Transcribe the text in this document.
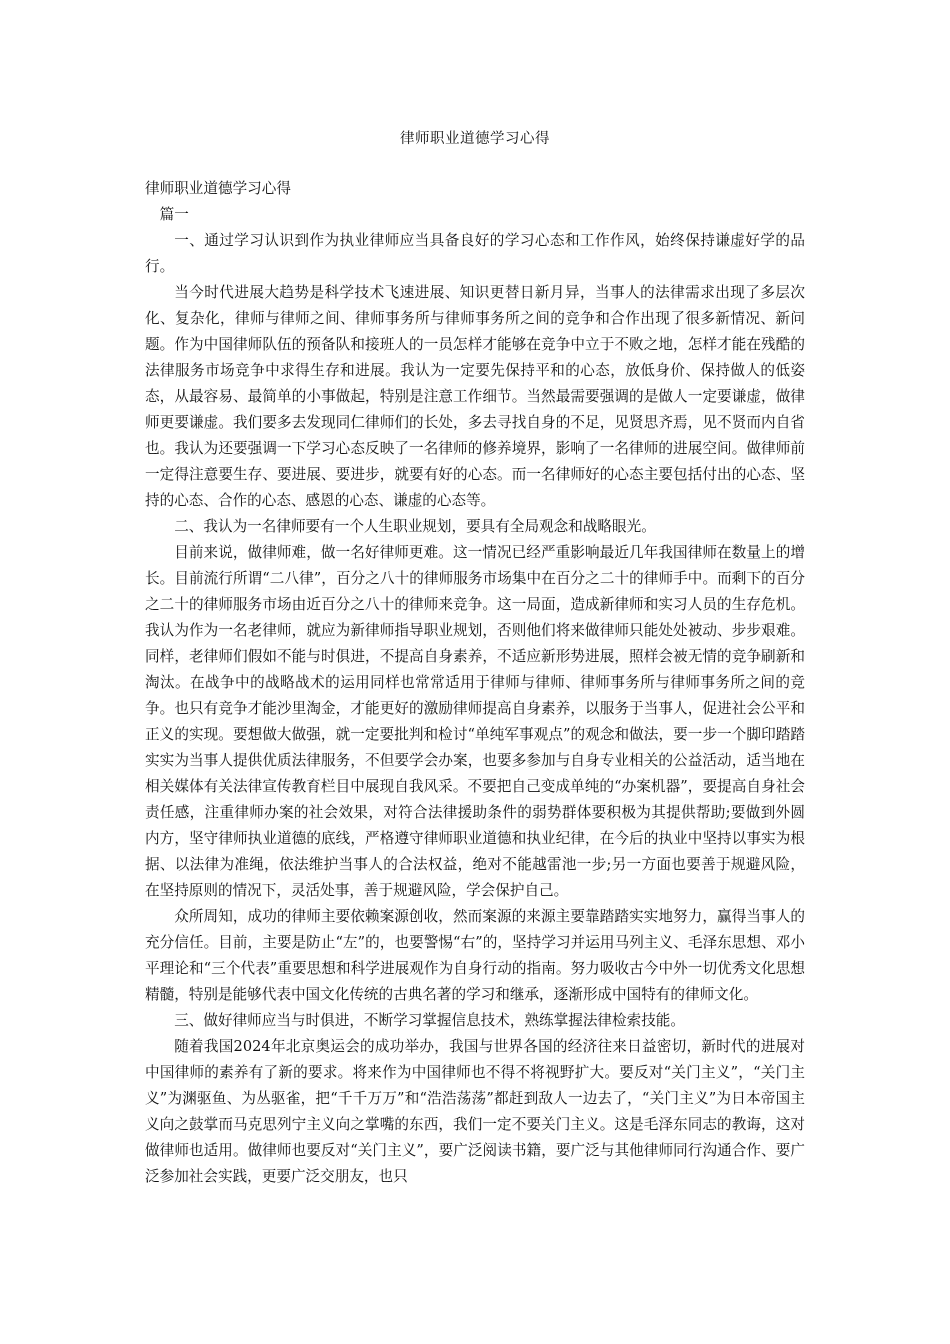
律师职业道德学习心得

律师职业道德学习心得

篇一

一、通过学习认识到作为执业律师应当具备良好的学习心态和工作作风，始终保持谦虚好学的品行。

当今时代进展大趋势是科学技术飞速进展、知识更替日新月异，当事人的法律需求出现了多层次化、复杂化，律师与律师之间、律师事务所与律师事务所之间的竞争和合作出现了很多新情况、新问题。作为中国律师队伍的预备队和接班人的一员怎样才能够在竞争中立于不败之地，怎样才能在残酷的法律服务市场竞争中求得生存和进展。我认为一定要先保持平和的心态，放低身价、保持做人的低姿态，从最容易、最简单的小事做起，特别是注意工作细节。当然最需要强调的是做人一定要谦虚，做律师更要谦虚。我们要多去发现同仁律师们的长处，多去寻找自身的不足，见贤思齐焉，见不贤而内自省也。我认为还要强调一下学习心态反映了一名律师的修养境界，影响了一名律师的进展空间。做律师前一定得注意要生存、要进展、要进步，就要有好的心态。而一名律师好的心态主要包括付出的心态、坚持的心态、合作的心态、感恩的心态、谦虚的心态等。

二、我认为一名律师要有一个人生职业规划，要具有全局观念和战略眼光。

目前来说，做律师难，做一名好律师更难。这一情况已经严重影响最近几年我国律师在数量上的增长。目前流行所谓“二八律”，百分之八十的律师服务市场集中在百分之二十的律师手中。而剩下的百分之二十的律师服务市场由近百分之八十的律师来竞争。这一局面，造成新律师和实习人员的生存危机。我认为作为一名老律师，就应为新律师指导职业规划，否则他们将来做律师只能处处被动、步步艰难。同样，老律师们假如不能与时俱进，不提高自身素养，不适应新形势进展，照样会被无情的竞争刷新和淘汰。在战争中的战略战术的运用同样也常常适用于律师与律师、律师事务所与律师事务所之间的竞争。也只有竞争才能沙里淘金，才能更好的激励律师提高自身素养，以服务于当事人，促进社会公平和正义的实现。要想做大做强，就一定要批判和检讨“单纯军事观点”的观念和做法，要一步一个脚印踏踏实实为当事人提供优质法律服务，不但要学会办案，也要多参加与自身专业相关的公益活动，适当地在相关媒体有关法律宣传教育栏目中展现自我风采。不要把自己变成单纯的“办案机器”，要提高自身社会责任感，注重律师办案的社会效果，对符合法律援助条件的弱势群体要积极为其提供帮助;要做到外圆内方，坚守律师执业道德的底线，严格遵守律师职业道德和执业纪律，在今后的执业中坚持以事实为根据、以法律为准绳，依法维护当事人的合法权益，绝对不能越雷池一步;另一方面也要善于规避风险，在坚持原则的情况下，灵活处事，善于规避风险，学会保护自己。

众所周知，成功的律师主要依赖案源创收，然而案源的来源主要靠踏踏实实地努力，赢得当事人的充分信任。目前，主要是防止“左”的，也要警惕“右”的，坚持学习并运用马列主义、毛泽东思想、邓小平理论和“三个代表”重要思想和科学进展观作为自身行动的指南。努力吸收古今中外一切优秀文化思想精髓，特别是能够代表中国文化传统的古典名著的学习和继承，逐渐形成中国特有的律师文化。

三、做好律师应当与时俱进，不断学习掌握信息技术，熟练掌握法律检索技能。

随着我国2024年北京奥运会的成功举办，我国与世界各国的经济往来日益密切，新时代的进展对中国律师的素养有了新的要求。将来作为中国律师也不得不将视野扩大。要反对“关门主义”，“关门主义”为渊驱鱼、为丛驱雀，把“千千万万”和“浩浩荡荡”都赶到敌人一边去了，“关门主义”为日本帝国主义向之鼓掌而马克思列宁主义向之掌嘴的东西，我们一定不要关门主义。这是毛泽东同志的教诲，这对做律师也适用。做律师也要反对“关门主义”，要广泛阅读书籍，要广泛与其他律师同行沟通合作、要广泛参加社会实践，更要广泛交朋友，也只
